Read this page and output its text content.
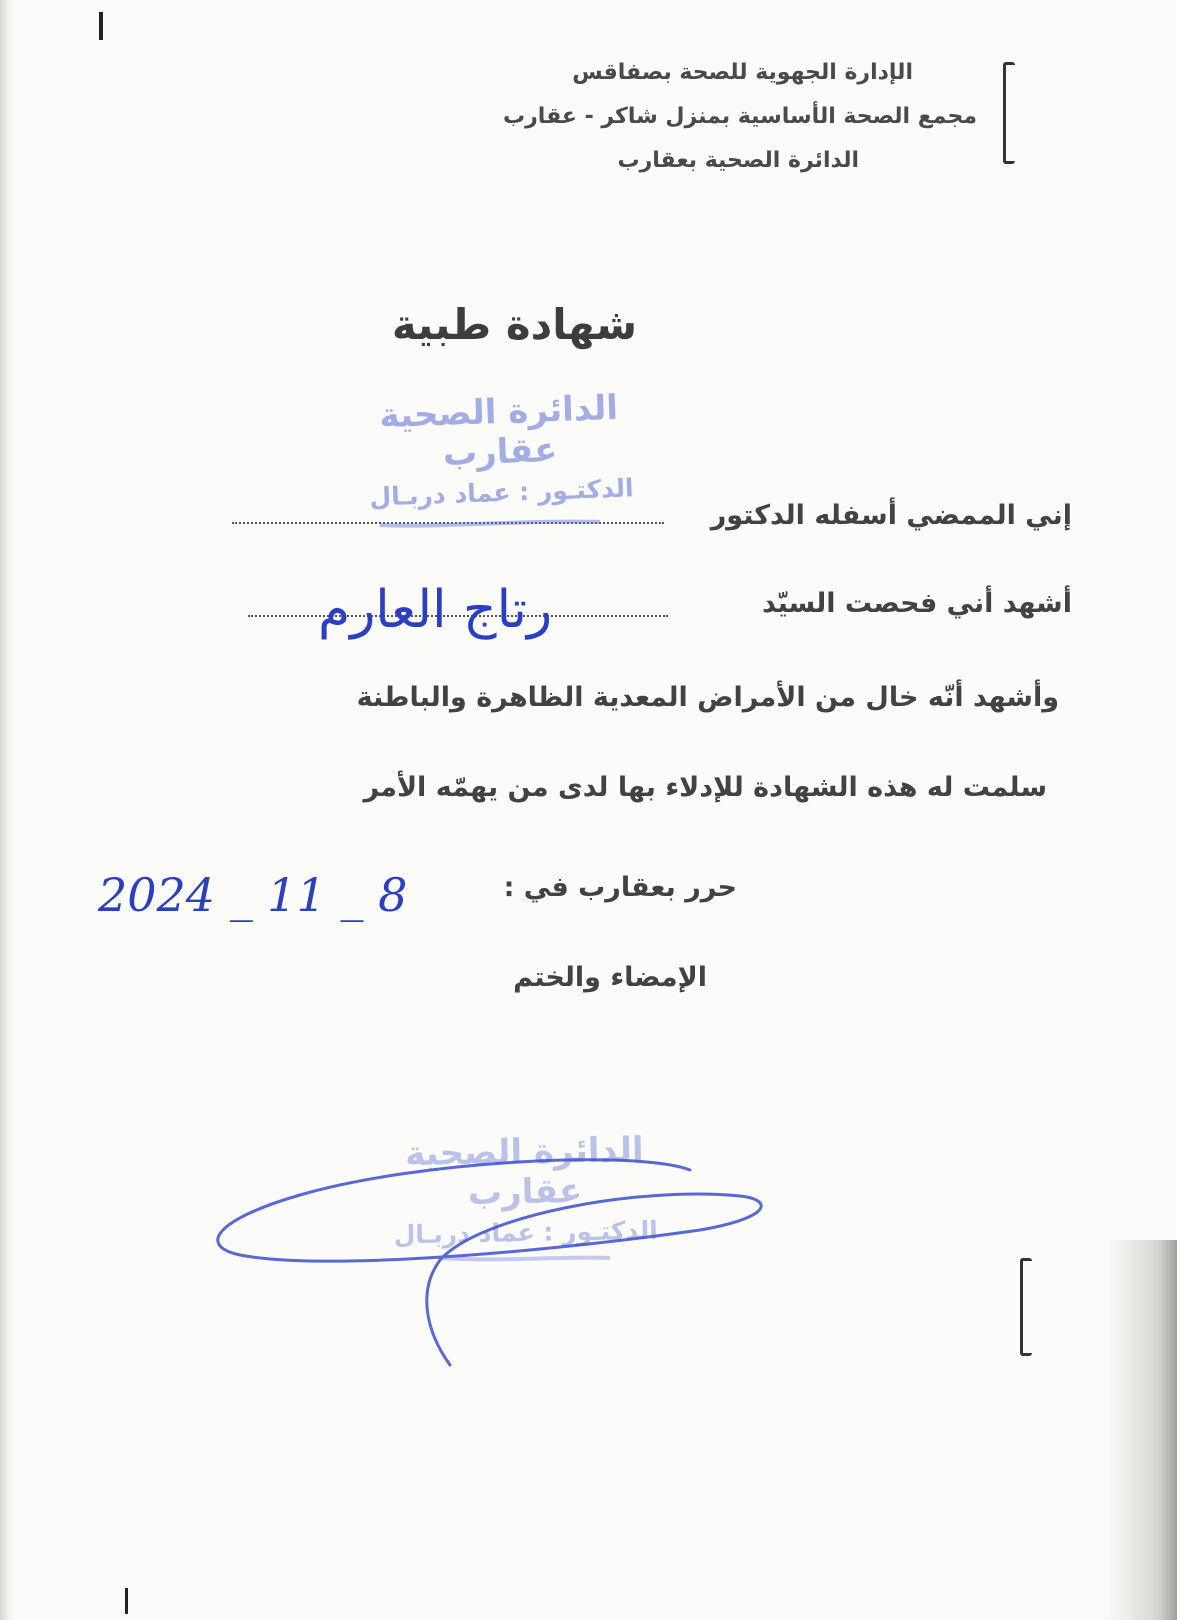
الإدارة الجهوية للصحة بصفاقس
مجمع الصحة الأساسية بمنزل شاكر - عقارب
الدائرة الصحية بعقارب
شهادة طبية
الدائرة الصحية عقارب
الدكتـور : عماد دربـال
إني الممضي أسفله الدكتور
أشهد أني فحصت السيّد
رتاج العارم
وأشهد أنّه خال من الأمراض المعدية الظاهرة والباطنة
سلمت له هذه الشهادة للإدلاء بها لدى من يهمّه الأمر
حرر بعقارب في :
2024 _ 11 _ 8
الإمضاء والختم
الدائرة الصحية عقارب
الدكتـور : عماد دربـال
